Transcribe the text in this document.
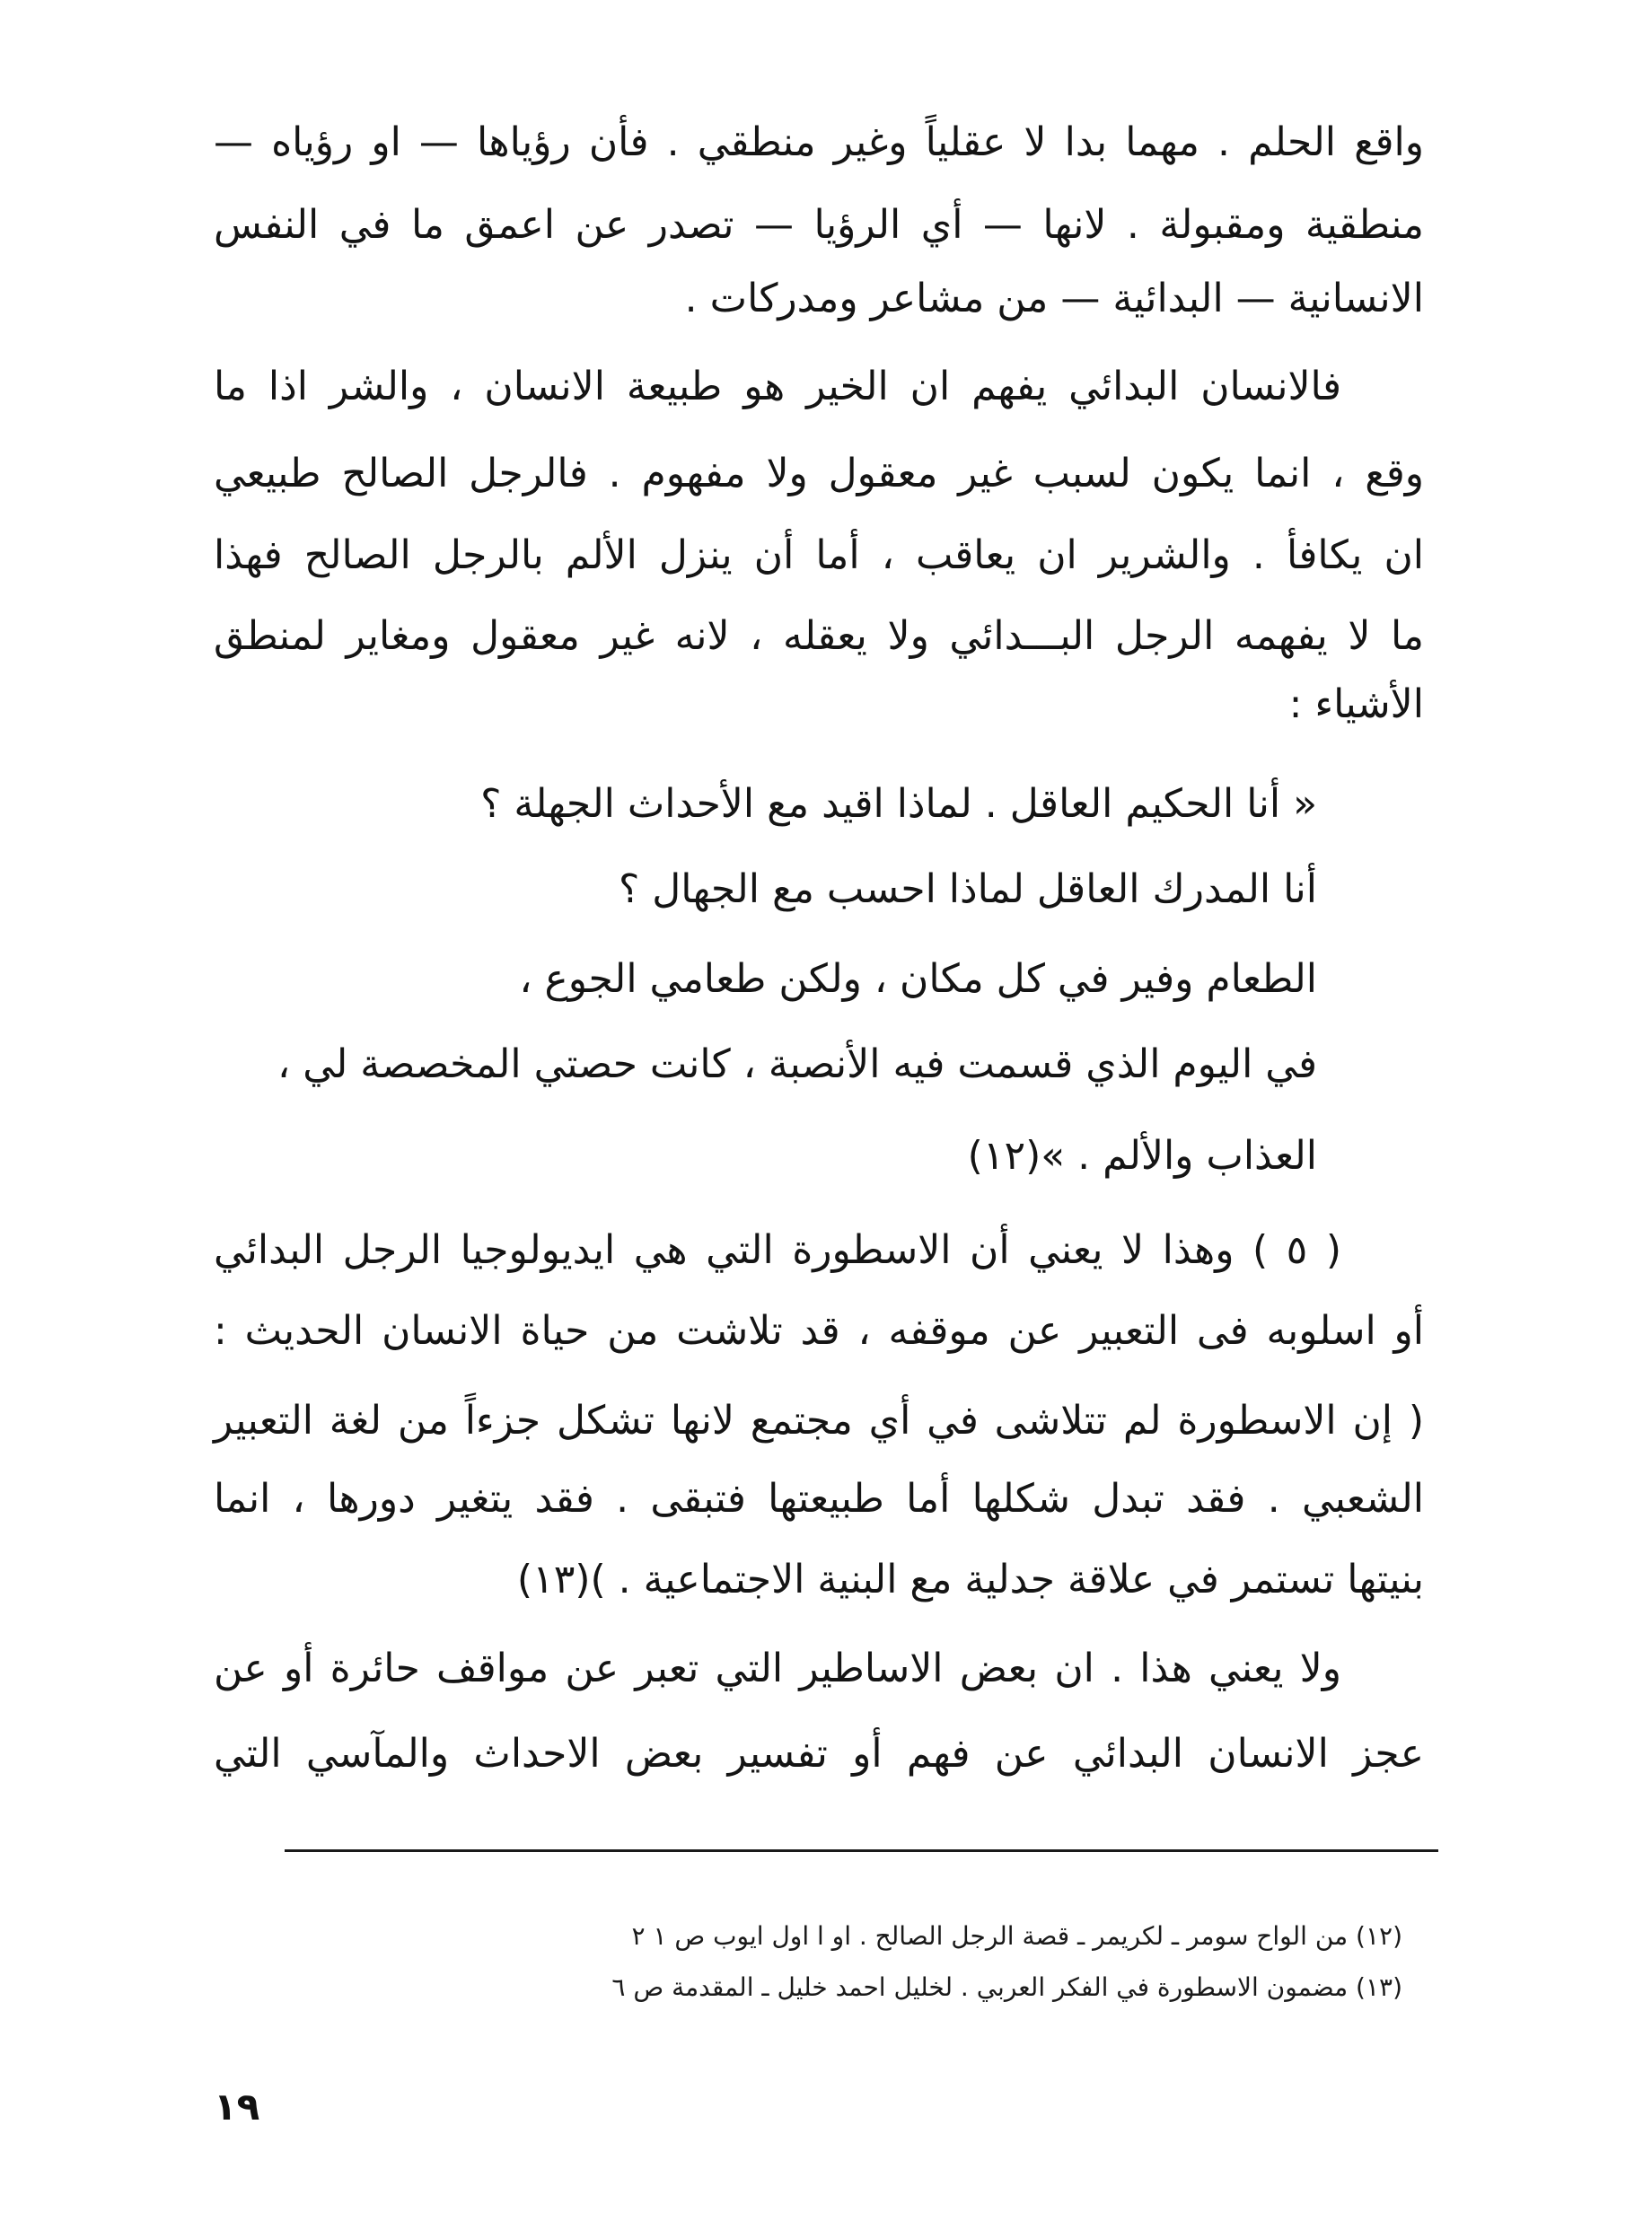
واقع الحلم . مهما بدا لا عقلياً وغير منطقي . فأن رؤياها — او رؤياه —
منطقية ومقبولة . لانها — أي الرؤيا — تصدر عن اعمق ما في النفس
الانسانية — البدائية — من مشاعر ومدركات .
فالانسان البدائي يفهم ان الخير هو طبيعة الانسان ، والشر اذا ما
وقع ، انما يكون لسبب غير معقول ولا مفهوم . فالرجل الصالح طبيعي
ان يكافأ . والشرير ان يعاقب ، أما أن ينزل الألم بالرجل الصالح فهذا
ما لا يفهمه الرجل البـــدائي ولا يعقله ، لانه غير معقول ومغاير لمنطق
الأشياء :
« أنا الحكيم العاقل . لماذا اقيد مع الأحداث الجهلة ؟
أنا المدرك العاقل لماذا احسب مع الجهال ؟
الطعام وفير في كل مكان ، ولكن طعامي الجوع ،
في اليوم الذي قسمت فيه الأنصبة ، كانت حصتي المخصصة لي ،
العذاب والألم . »(١٢)
( ٥ ) وهذا لا يعني أن الاسطورة التي هي ايديولوجيا الرجل البدائي
أو اسلوبه فى التعبير عن موقفه ، قد تلاشت من حياة الانسان الحديث :
( إن الاسطورة لم تتلاشى في أي مجتمع لانها تشكل جزءاً من لغة التعبير
الشعبي . فقد تبدل شكلها أما طبيعتها فتبقى . فقد يتغير دورها ، انما
بنيتها تستمر في علاقة جدلية مع البنية الاجتماعية . )(١٣)
ولا يعني هذا . ان بعض الاساطير التي تعبر عن مواقف حائرة أو عن
عجز الانسان البدائي عن فهم أو تفسير بعض الاحداث والمآسي التي
(١٢) من الواح سومر ـ لكريمر ـ قصة الرجل الصالح . او ا اول ايوب ص ١ ٢
(١٣) مضمون الاسطورة في الفكر العربي . لخليل احمد خليل ـ المقدمة ص ٦
١٩
